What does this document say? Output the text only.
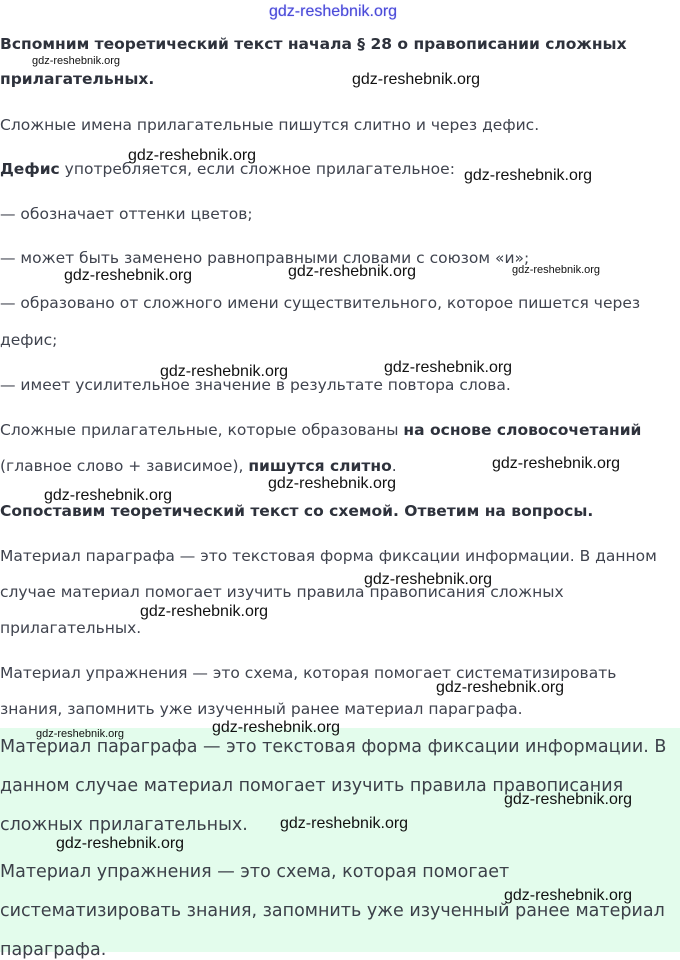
gdz-reshebnik.org

Вспомним теоретический текст начала § 28 о правописании сложных

прилагательных.

Сложные имена прилагательные пишутся слитно и через дефис.

Дефис употребляется, если сложное прилагательное:

— обозначает оттенки цветов;

— может быть заменено равноправными словами с союзом «и»;

— образовано от сложного имени существительного, которое пишется через

дефис;

— имеет усилительное значение в результате повтора слова.

Сложные прилагательные, которые образованы на основе словосочетаний

(главное слово + зависимое), пишутся слитно.

Сопоставим теоретический текст со схемой. Ответим на вопросы.

Материал параграфа — это текстовая форма фиксации информации. В данном

случае материал помогает изучить правила правописания сложных

прилагательных.

Материал упражнения — это схема, которая помогает систематизировать

знания, запомнить уже изученный ранее материал параграфа.

Материал параграфа — это текстовая форма фиксации информации. В

данном случае материал помогает изучить правила правописания

сложных прилагательных.

Материал упражнения — это схема, которая помогает

систематизировать знания, запомнить уже изученный ранее материал

параграфа.

gdz-reshebnik.org
gdz-reshebnik.org
gdz-reshebnik.org
gdz-reshebnik.org
gdz-reshebnik.org	gdz-reshebnik.org	gdz-reshebnik.org
gdz-reshebnik.org	gdz-reshebnik.org
gdz-reshebnik.org
gdz-reshebnik.org
gdz-reshebnik.org
gdz-reshebnik.org
gdz-reshebnik.org
gdz-reshebnik.org
gdz-reshebnik.org
gdz-reshebnik.org
gdz-reshebnik.org
gdz-reshebnik.org
gdz-reshebnik.org
gdz-reshebnik.org
